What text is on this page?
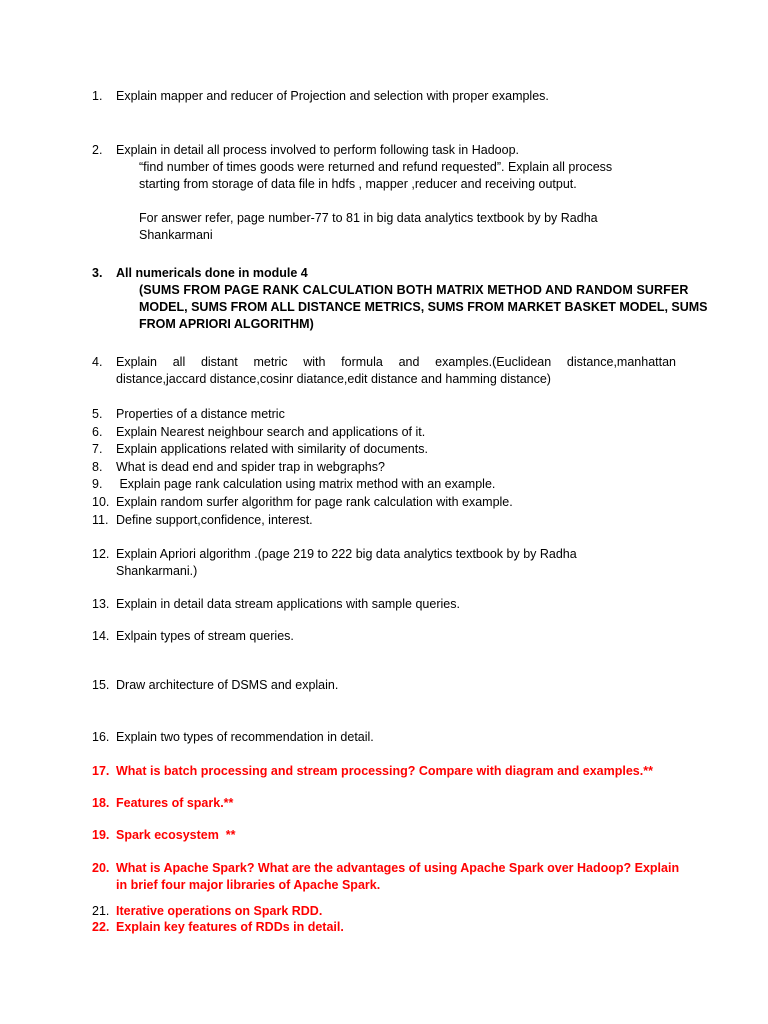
1.	Explain mapper and reducer of Projection and selection with proper examples.
2.	Explain in detail all process involved to perform following task in Hadoop.
“find number of times goods were returned and refund requested”. Explain all process
starting from storage of data file in hdfs , mapper ,reducer and receiving output.
For answer refer, page number-77 to 81 in big data analytics textbook by by Radha
Shankarmani
3.	All numericals done in module 4
(SUMS FROM PAGE RANK CALCULATION BOTH MATRIX METHOD AND RANDOM SURFER
MODEL, SUMS FROM ALL DISTANCE METRICS, SUMS FROM MARKET BASKET MODEL, SUMS
FROM APRIORI ALGORITHM)
4.	Explain all distant metric with formula and examples.(Euclidean distance,manhattan
distance,jaccard distance,cosinr diatance,edit distance and hamming distance)
5.	Properties of a distance metric
6.	Explain Nearest neighbour search and applications of it.
7.	Explain applications related with similarity of documents.
8.	What is dead end and spider trap in webgraphs?
9.	Explain page rank calculation using matrix method with an example.
10. Explain random surfer algorithm for page rank calculation with example.
11. Define support,confidence, interest.
12. Explain Apriori algorithm .(page 219 to 222 big data analytics textbook by by Radha
Shankarmani.)
13. Explain in detail data stream applications with sample queries.
14. Exlpain types of stream queries.
15. Draw architecture of DSMS and explain.
16. Explain two types of recommendation in detail.
17. What is batch processing and stream processing? Compare with diagram and examples.**
18. Features of spark.**
19. Spark ecosystem  **
20. What is Apache Spark? What are the advantages of using Apache Spark over Hadoop? Explain
in brief four major libraries of Apache Spark.
21. Iterative operations on Spark RDD.
22. Explain key features of RDDs in detail.
